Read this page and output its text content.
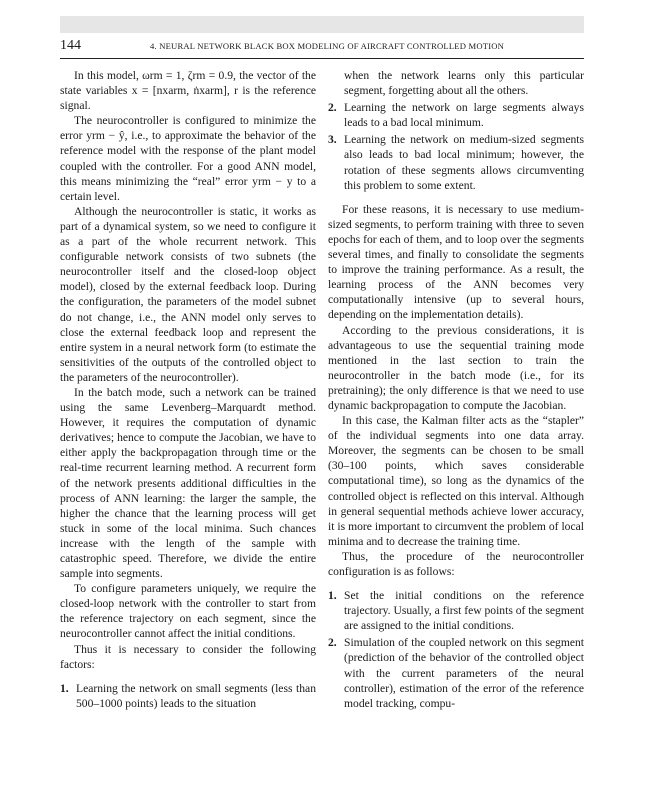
144	4. NEURAL NETWORK BLACK BOX MODELING OF AIRCRAFT CONTROLLED MOTION

In this model, ωrm = 1, ζrm = 0.9, the vector of the state variables x = [nxarm, ṅxarm], r is the reference signal.

The neurocontroller is configured to minimize the error yrm − ŷ, i.e., to approximate the behavior of the reference model with the response of the plant model coupled with the controller. For a good ANN model, this means minimizing the “real” error yrm − y to a certain level.

Although the neurocontroller is static, it works as part of a dynamical system, so we need to configure it as a part of the whole recurrent network. This configurable network consists of two subnets (the neurocontroller itself and the closed-loop object model), closed by the external feedback loop. During the configuration, the parameters of the model subnet do not change, i.e., the ANN model only serves to close the external feedback loop and represent the entire system in a neural network form (to estimate the sensitivities of the outputs of the controlled object to the parameters of the neurocontroller).

In the batch mode, such a network can be trained using the same Levenberg–Marquardt method. However, it requires the computation of dynamic derivatives; hence to compute the Jacobian, we have to either apply the backpropagation through time or the real-time recurrent learning method. A recurrent form of the network presents additional difficulties in the process of ANN learning: the larger the sample, the higher the chance that the learning process will get stuck in some of the local minima. Such chances increase with the length of the sample with catastrophic speed. Therefore, we divide the entire sample into segments.

To configure parameters uniquely, we require the closed-loop network with the controller to start from the reference trajectory on each segment, since the neurocontroller cannot affect the initial conditions.

Thus it is necessary to consider the following factors:

1. Learning the network on small segments (less than 500–1000 points) leads to the situation
when the network learns only this particular segment, forgetting about all the others.
2. Learning the network on large segments always leads to a bad local minimum.
3. Learning the network on medium-sized segments also leads to bad local minimum; however, the rotation of these segments allows circumventing this problem to some extent.

For these reasons, it is necessary to use medium-sized segments, to perform training with three to seven epochs for each of them, and to loop over the segments several times, and finally to consolidate the segments to improve the training performance. As a result, the learning process of the ANN becomes very computationally intensive (up to several hours, depending on the implementation details).

According to the previous considerations, it is advantageous to use the sequential training mode mentioned in the last section to train the neurocontroller in the batch mode (i.e., for its pretraining); the only difference is that we need to use dynamic backpropagation to compute the Jacobian.

In this case, the Kalman filter acts as the “stapler” of the individual segments into one data array. Moreover, the segments can be chosen to be small (30–100 points, which saves considerable computational time), so long as the dynamics of the controlled object is reflected on this interval. Although in general sequential methods achieve lower accuracy, it is more important to circumvent the problem of local minima and to decrease the training time.

Thus, the procedure of the neurocontroller configuration is as follows:

1. Set the initial conditions on the reference trajectory. Usually, a first few points of the segment are assigned to the initial conditions.
2. Simulation of the coupled network on this segment (prediction of the behavior of the controlled object with the current parameters of the neural controller), estimation of the error of the reference model tracking, compu-
